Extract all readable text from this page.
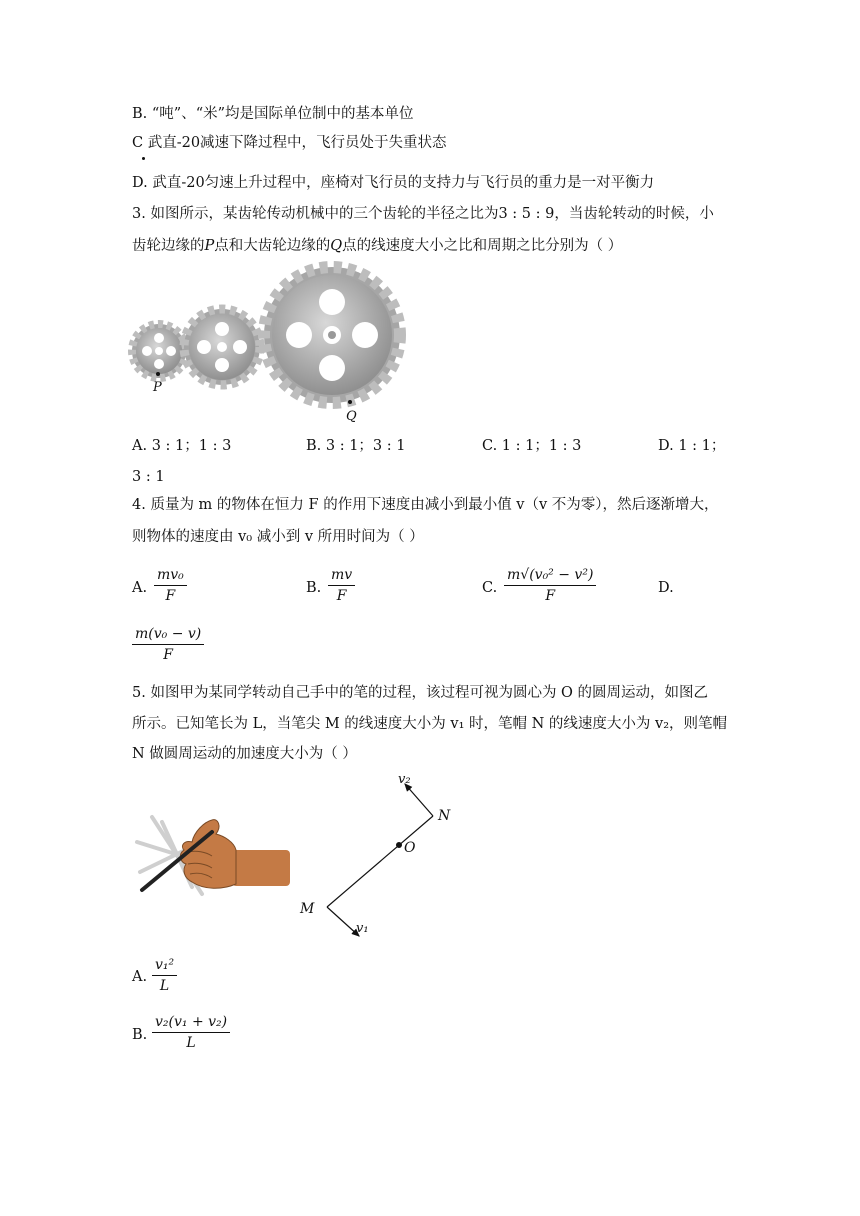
B. “吨”、“米”均是国际单位制中的基本单位
C 武直-20减速下降过程中，飞行员处于失重状态
D. 武直-20匀速上升过程中，座椅对飞行员的支持力与飞行员的重力是一对平衡力
3. 如图所示，某齿轮传动机械中的三个齿轮的半径之比为3 : 5 : 9，当齿轮转动的时候，小
齿轮边缘的P点和大齿轮边缘的Q点的线速度大小之比和周期之比分别为（ ）
P
Q
A. 3 : 1；1 : 3	B. 3 : 1；3 : 1	C. 1 : 1；1 : 3	D. 1 : 1；
3 : 1
4. 质量为 m 的物体在恒力 F 的作用下速度由减小到最小值 v（v 不为零），然后逐渐增大，
则物体的速度由 v₀ 减小到 v 所用时间为（ ）
A.
mv₀
F	B.
mv
F	C.
m√(v₀² − v²)
F	D.
m(v₀ − v)
F
5. 如图甲为某同学转动自己手中的笔的过程，该过程可视为圆心为 O 的圆周运动，如图乙
所示。已知笔长为 L，当笔尖 M 的线速度大小为 v₁ 时，笔帽 N 的线速度大小为 v₂，则笔帽
N 做圆周运动的加速度大小为（ ）
v₂
N
O
M
v₁
A.
v₁²
L
B.
v₂(v₁ + v₂)
L
